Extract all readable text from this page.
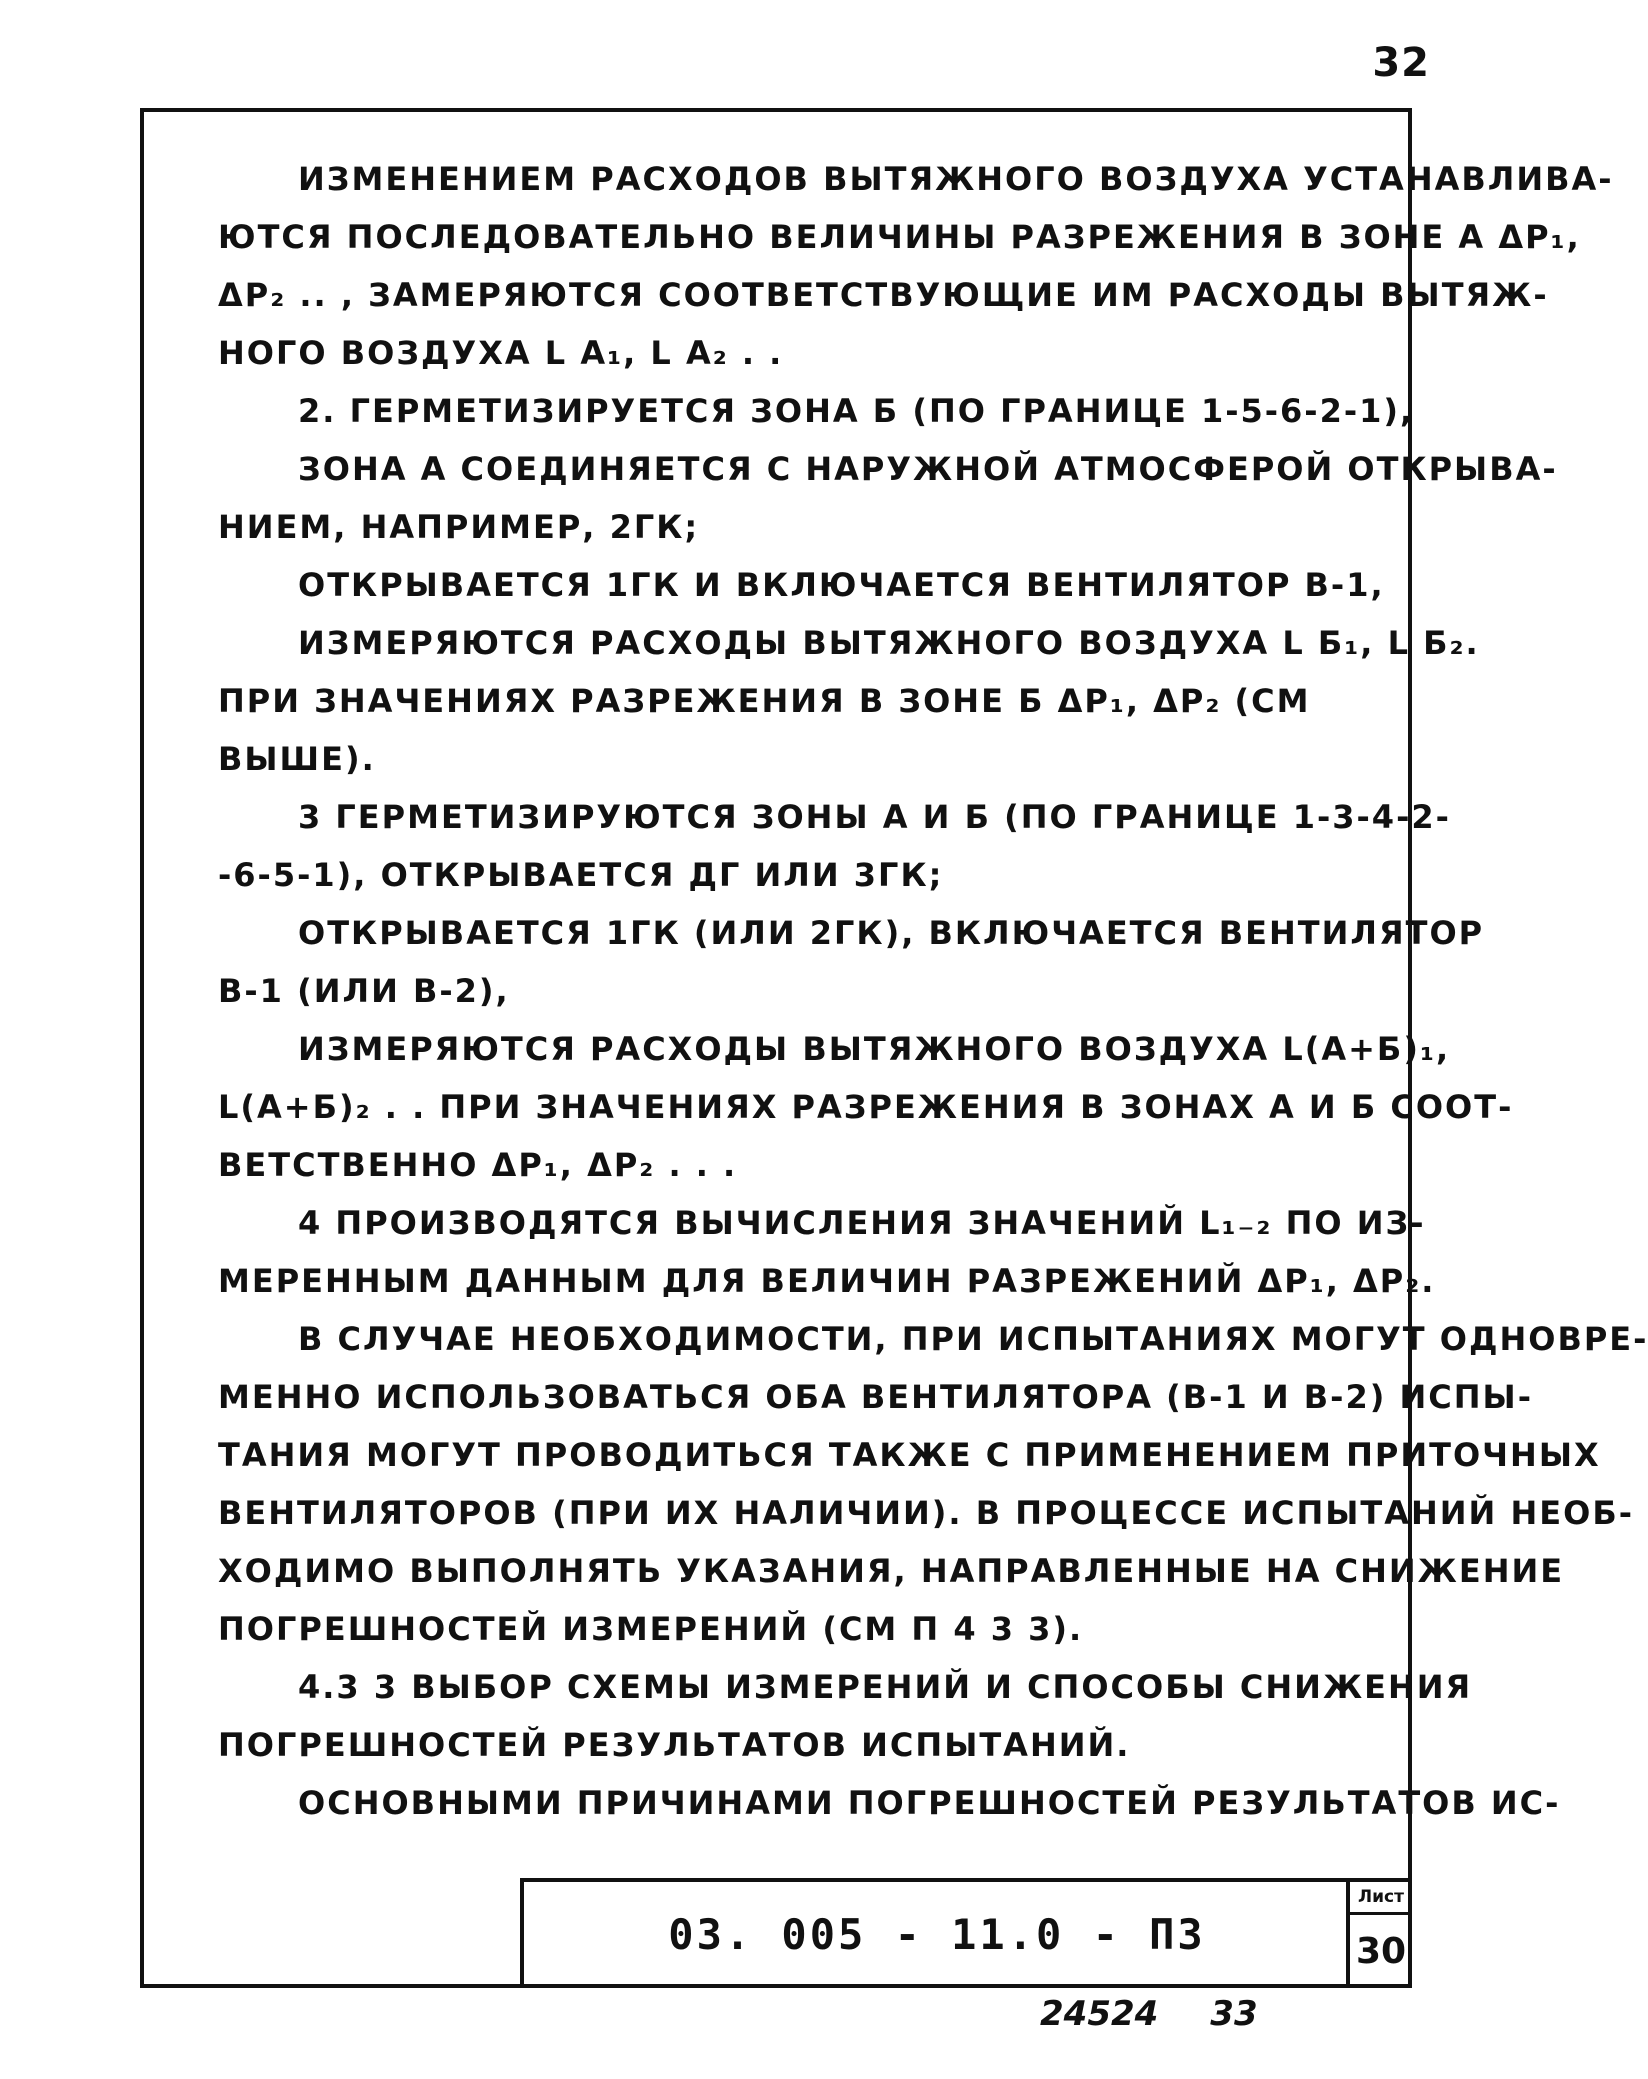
32
ИЗМЕНЕНИЕМ РАСХОДОВ ВЫТЯЖНОГО ВОЗДУХА УСТАНАВЛИВА-
ЮТСЯ ПОСЛЕДОВАТЕЛЬНО ВЕЛИЧИНЫ РАЗРЕЖЕНИЯ В ЗОНЕ А ΔP₁,
ΔP₂ .. , ЗАМЕРЯЮТСЯ СООТВЕТСТВУЮЩИЕ ИМ РАСХОДЫ ВЫТЯЖ-
НОГО ВОЗДУХА L A₁, L A₂ . .
2. ГЕРМЕТИЗИРУЕТСЯ ЗОНА Б (ПО ГРАНИЦЕ 1-5-6-2-1),
ЗОНА А СОЕДИНЯЕТСЯ С НАРУЖНОЙ АТМОСФЕРОЙ ОТКРЫВА-
НИЕМ, НАПРИМЕР, 2ГК;
ОТКРЫВАЕТСЯ 1ГК И ВКЛЮЧАЕТСЯ ВЕНТИЛЯТОР В-1,
ИЗМЕРЯЮТСЯ РАСХОДЫ ВЫТЯЖНОГО ВОЗДУХА L Б₁, L Б₂.
ПРИ ЗНАЧЕНИЯХ РАЗРЕЖЕНИЯ В ЗОНЕ Б ΔP₁, ΔP₂ (СМ
ВЫШЕ).
3 ГЕРМЕТИЗИРУЮТСЯ ЗОНЫ А И Б (ПО ГРАНИЦЕ 1-3-4-2-
-6-5-1), ОТКРЫВАЕТСЯ ДГ ИЛИ 3ГК;
ОТКРЫВАЕТСЯ 1ГК (ИЛИ 2ГК), ВКЛЮЧАЕТСЯ ВЕНТИЛЯТОР
В-1 (ИЛИ В-2),
ИЗМЕРЯЮТСЯ РАСХОДЫ ВЫТЯЖНОГО ВОЗДУХА L(А+Б)₁,
L(А+Б)₂ . . ПРИ ЗНАЧЕНИЯХ РАЗРЕЖЕНИЯ В ЗОНАХ А И Б СООТ-
ВЕТСТВЕННО ΔP₁, ΔP₂ . . .
4 ПРОИЗВОДЯТСЯ ВЫЧИСЛЕНИЯ ЗНАЧЕНИЙ L₁₋₂ ПО ИЗ-
МЕРЕННЫМ ДАННЫМ ДЛЯ ВЕЛИЧИН РАЗРЕЖЕНИЙ ΔP₁, ΔP₂.
В СЛУЧАЕ НЕОБХОДИМОСТИ, ПРИ ИСПЫТАНИЯХ МОГУТ ОДНОВРЕ-
МЕННО ИСПОЛЬЗОВАТЬСЯ ОБА ВЕНТИЛЯТОРА (В-1 И В-2) ИСПЫ-
ТАНИЯ МОГУТ ПРОВОДИТЬСЯ ТАКЖЕ С ПРИМЕНЕНИЕМ ПРИТОЧНЫХ
ВЕНТИЛЯТОРОВ (ПРИ ИХ НАЛИЧИИ). В ПРОЦЕССЕ ИСПЫТАНИЙ НЕОБ-
ХОДИМО ВЫПОЛНЯТЬ УКАЗАНИЯ, НАПРАВЛЕННЫЕ НА СНИЖЕНИЕ
ПОГРЕШНОСТЕЙ ИЗМЕРЕНИЙ (СМ П 4 3 3).
4.3 3 ВЫБОР СХЕМЫ ИЗМЕРЕНИЙ И СПОСОБЫ СНИЖЕНИЯ
ПОГРЕШНОСТЕЙ РЕЗУЛЬТАТОВ ИСПЫТАНИЙ.
ОСНОВНЫМИ ПРИЧИНАМИ ПОГРЕШНОСТЕЙ РЕЗУЛЬТАТОВ ИС-
03. 005 - 11.0 - П3
Лист
30
24524 33
